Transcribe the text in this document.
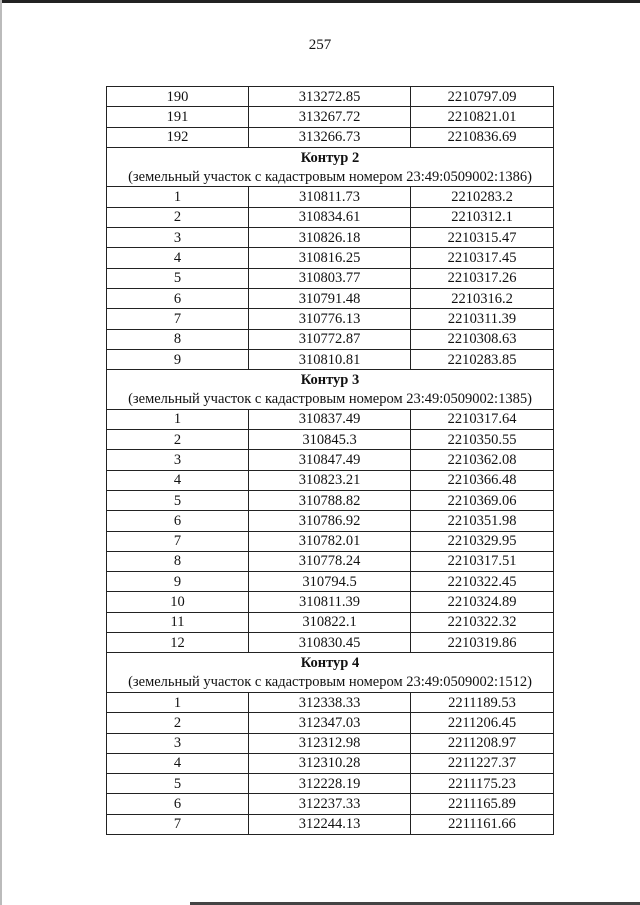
257
190	313272.85	2210797.09
191	313267.72	2210821.01
192	313266.73	2210836.69
Контур 2		
(земельный участок с кадастровым номером 23:49:0509002:1386)		
1	310811.73	2210283.2
2	310834.61	2210312.1
3	310826.18	2210315.47
4	310816.25	2210317.45
5	310803.77	2210317.26
6	310791.48	2210316.2
7	310776.13	2210311.39
8	310772.87	2210308.63
9	310810.81	2210283.85
Контур 3		
(земельный участок с кадастровым номером 23:49:0509002:1385)		
1	310837.49	2210317.64
2	310845.3	2210350.55
3	310847.49	2210362.08
4	310823.21	2210366.48
5	310788.82	2210369.06
6	310786.92	2210351.98
7	310782.01	2210329.95
8	310778.24	2210317.51
9	310794.5	2210322.45
10	310811.39	2210324.89
11	310822.1	2210322.32
12	310830.45	2210319.86
Контур 4		
(земельный участок с кадастровым номером 23:49:0509002:1512)		
1	312338.33	2211189.53
2	312347.03	2211206.45
3	312312.98	2211208.97
4	312310.28	2211227.37
5	312228.19	2211175.23
6	312237.33	2211165.89
7	312244.13	2211161.66
